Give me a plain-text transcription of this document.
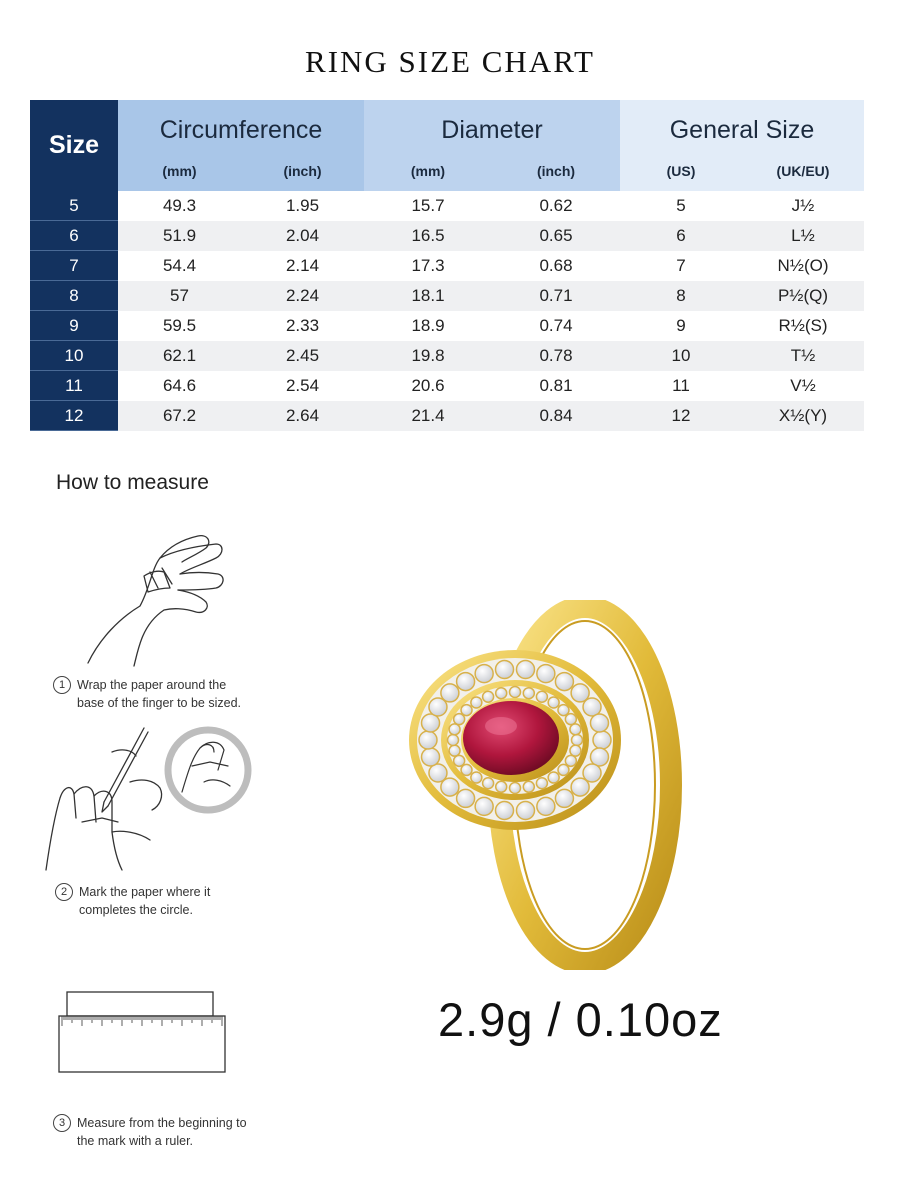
RING SIZE CHART
Size
Circumference
(mm)	(inch)
Diameter
(mm)	(inch)
General Size
(US)	(UK/EU)
5	49.3	1.95	15.7	0.62	5	J½
6	51.9	2.04	16.5	0.65	6	L½
7	54.4	2.14	17.3	0.68	7	N½(O)
8	57	2.24	18.1	0.71	8	P½(Q)
9	59.5	2.33	18.9	0.74	9	R½(S)
10	62.1	2.45	19.8	0.78	10	T½
11	64.6	2.54	20.6	0.81	11	V½
12	67.2	2.64	21.4	0.84	12	X½(Y)
How to measure
1 Wrap the paper around the
base of the finger to be sized.
2 Mark the paper where it
completes the circle.
3 Measure from the beginning to
the mark with a ruler.
2.9g / 0.10oz
